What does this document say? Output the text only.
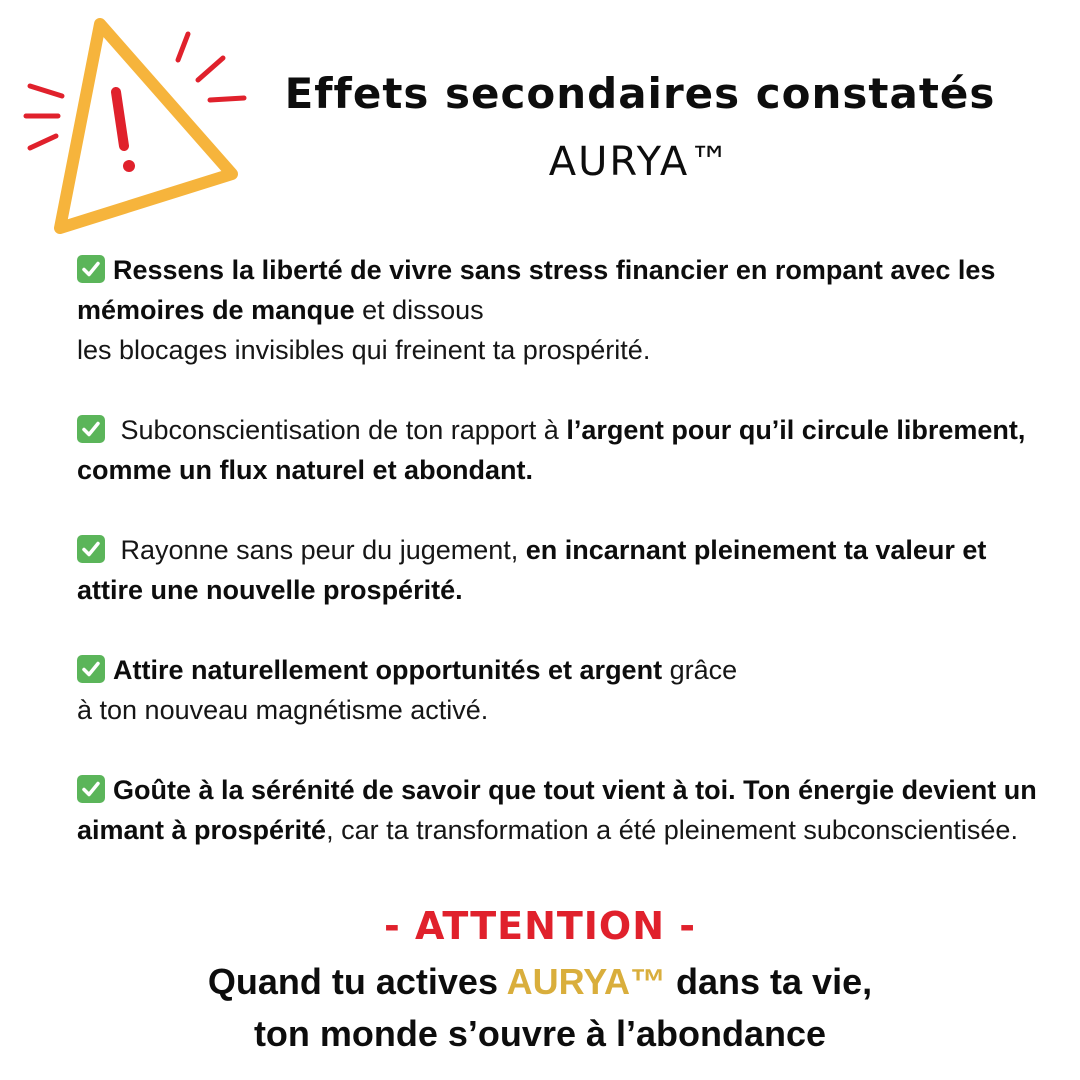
Effets secondaires constatés
AURYA™

Ressens la liberté de vivre sans stress financier en rompant avec les mémoires de manque et dissous
les blocages invisibles qui freinent ta prospérité.

Subconscientisation de ton rapport à l’argent pour qu’il circule librement, comme un flux naturel et abondant.

Rayonne sans peur du jugement, en incarnant pleinement ta valeur et attire une nouvelle prospérité.

Attire naturellement opportunités et argent grâce
à ton nouveau magnétisme activé.

Goûte à la sérénité de savoir que tout vient à toi. Ton énergie devient un aimant à prospérité, car ta transformation a été pleinement subconscientisée.

- ATTENTION -
Quand tu actives AURYA™ dans ta vie,
ton monde s’ouvre à l’abondance
